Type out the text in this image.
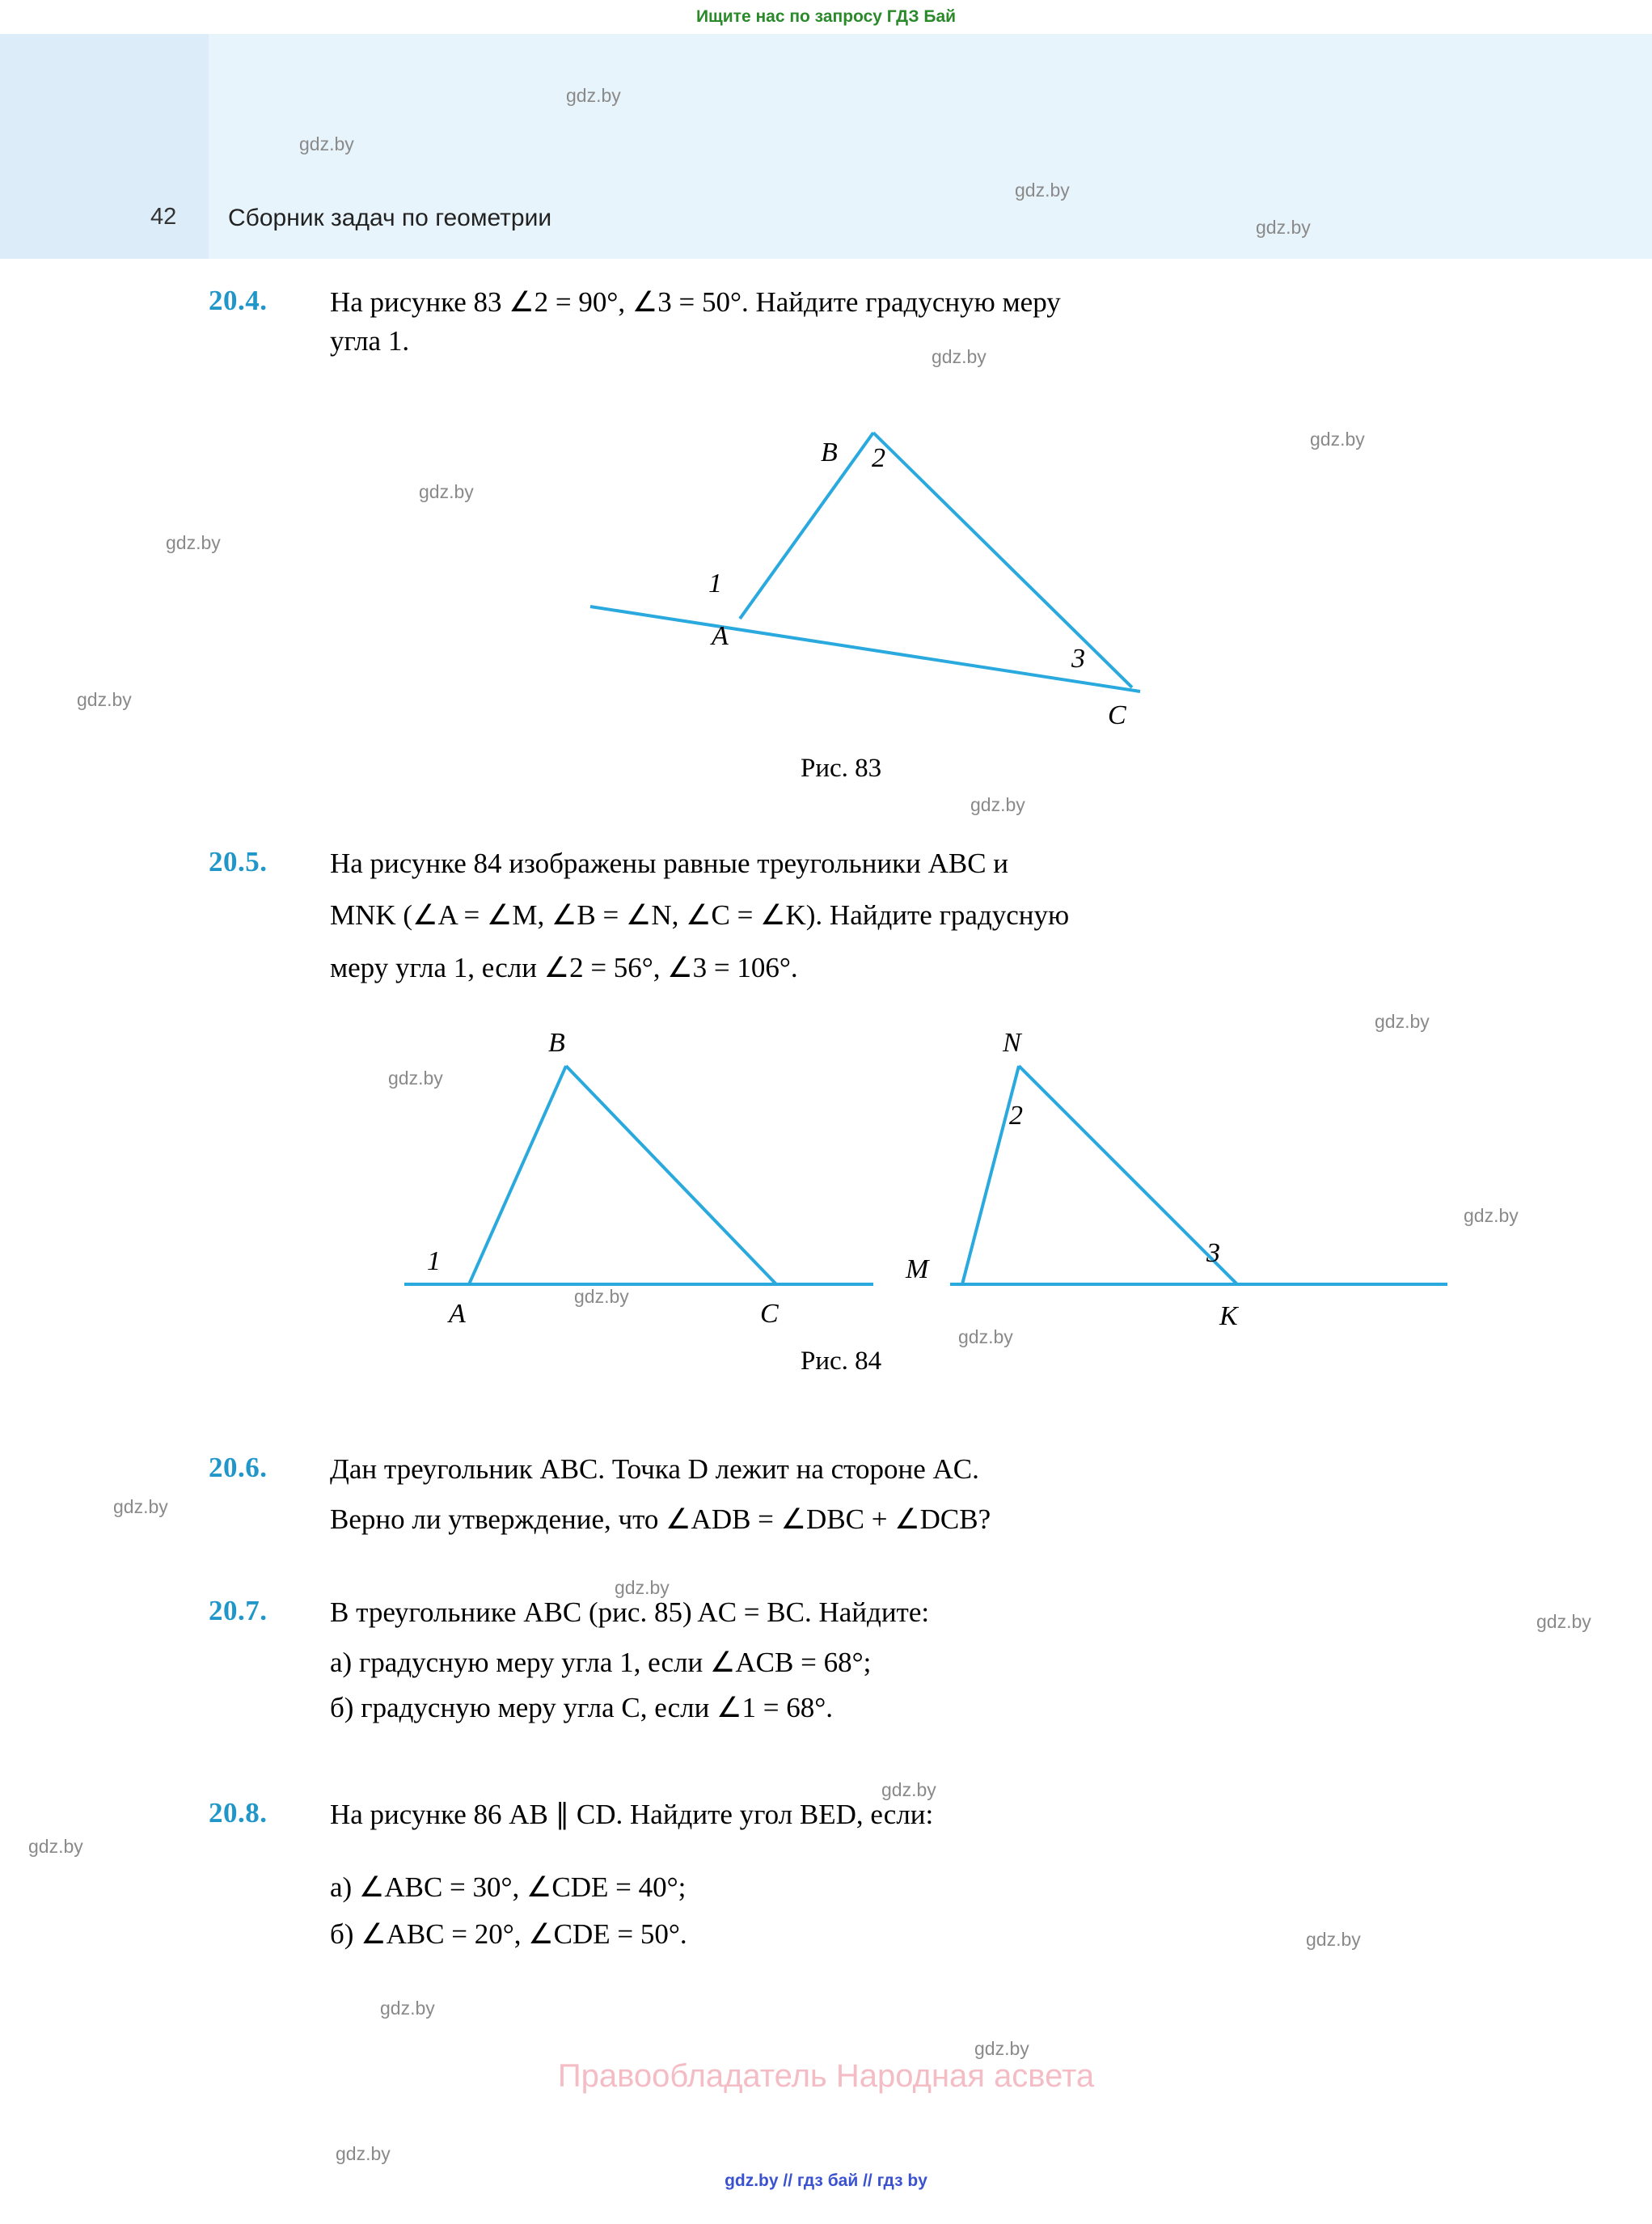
Ищите нас по запросу ГДЗ Бай
42 Сборник задач по геометрии
gdz.by
gdz.by
gdz.by
gdz.by
gdz.by
gdz.by
gdz.by
gdz.by
gdz.by
gdz.by
gdz.by
gdz.by
gdz.by
gdz.by
gdz.by
gdz.by
gdz.by
gdz.by
gdz.by
gdz.by
gdz.by
gdz.by
gdz.by
gdz.by
20.4. На рисунке 83 ∠2 = 90°, ∠3 = 50°. Найдите градусную меру
угла 1.
B 2
1
A
3
C
Рис. 83
20.5. На рисунке 84 изображены равные треугольники ABC и
MNK (∠A = ∠M, ∠B = ∠N, ∠C = ∠K). Найдите градусную
меру угла 1, если ∠2 = 56°, ∠3 = 106°.
B
1
A	C
N
2
M
3
K
Рис. 84
20.6. Дан треугольник ABC. Точка D лежит на стороне AC.
Верно ли утверждение, что ∠ADB = ∠DBC + ∠DCB?
20.7. В треугольнике ABC (рис. 85) AC = BC. Найдите:
а) градусную меру угла 1, если ∠ACB = 68°;
б) градусную меру угла C, если ∠1 = 68°.
20.8. На рисунке 86 AB ∥ CD. Найдите угол BED, если:
а) ∠ABC = 30°, ∠CDE = 40°;
б) ∠ABC = 20°, ∠CDE = 50°.
Правообладатель Народная асвета
gdz.by // гдз бай // гдз by
